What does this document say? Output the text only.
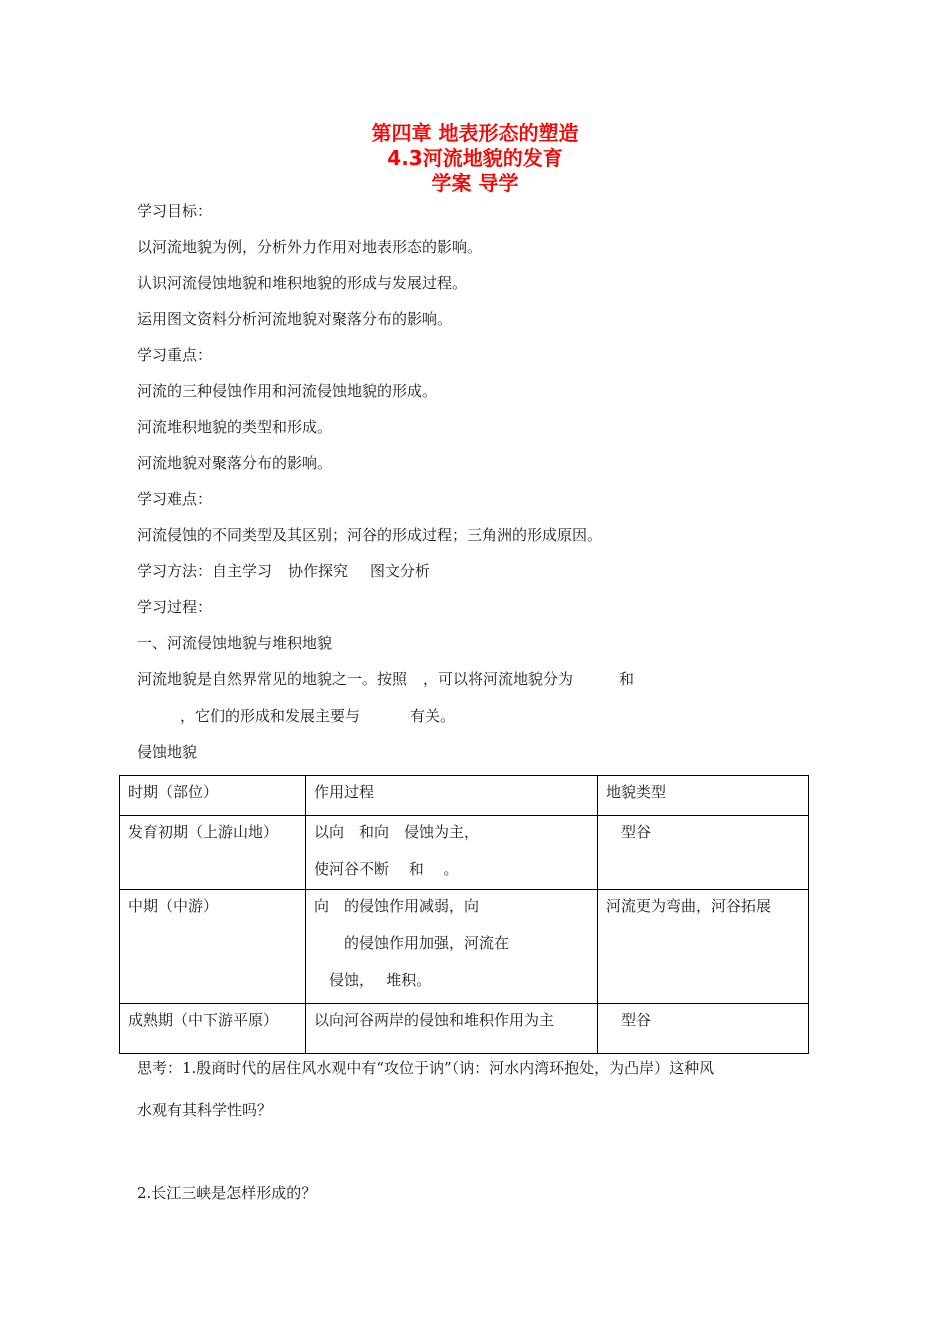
第四章 地表形态的塑造
4.3河流地貌的发育
学案 导学
学习目标：
以河流地貌为例，分析外力作用对地表形态的影响。
认识河流侵蚀地貌和堆积地貌的形成与发展过程。
运用图文资料分析河流地貌对聚落分布的影响。
学习重点：
河流的三种侵蚀作用和河流侵蚀地貌的形成。
河流堆积地貌的类型和形成。
河流地貌对聚落分布的影响。
学习难点：
河流侵蚀的不同类型及其区别；河谷的形成过程；三角洲的形成原因。
学习方法：自主学习 协作探究 图文分析
学习过程：
一、河流侵蚀地貌与堆积地貌
河流地貌是自然界常见的地貌之一。按照 ，可以将河流地貌分为	和
，它们的形成和发展主要与	有关。
侵蚀地貌
时期（部位）	作用过程	地貌类型

发育初期（上游山地）	以向　和向　侵蚀为主，
使河谷不断　 和　 。	　型谷

中期（中游）	向　的侵蚀作用减弱，向
　　的侵蚀作用加强，河流在
　侵蚀，　 堆积。	河流更为弯曲，河谷拓展

成熟期（中下游平原）	以向河谷两岸的侵蚀和堆积作用为主	　型谷
思考：1.殷商时代的居住风水观中有“攻位于讷”（讷：河水内湾环抱处，为凸岸）这种风
水观有其科学性吗？
2.长江三峡是怎样形成的？
